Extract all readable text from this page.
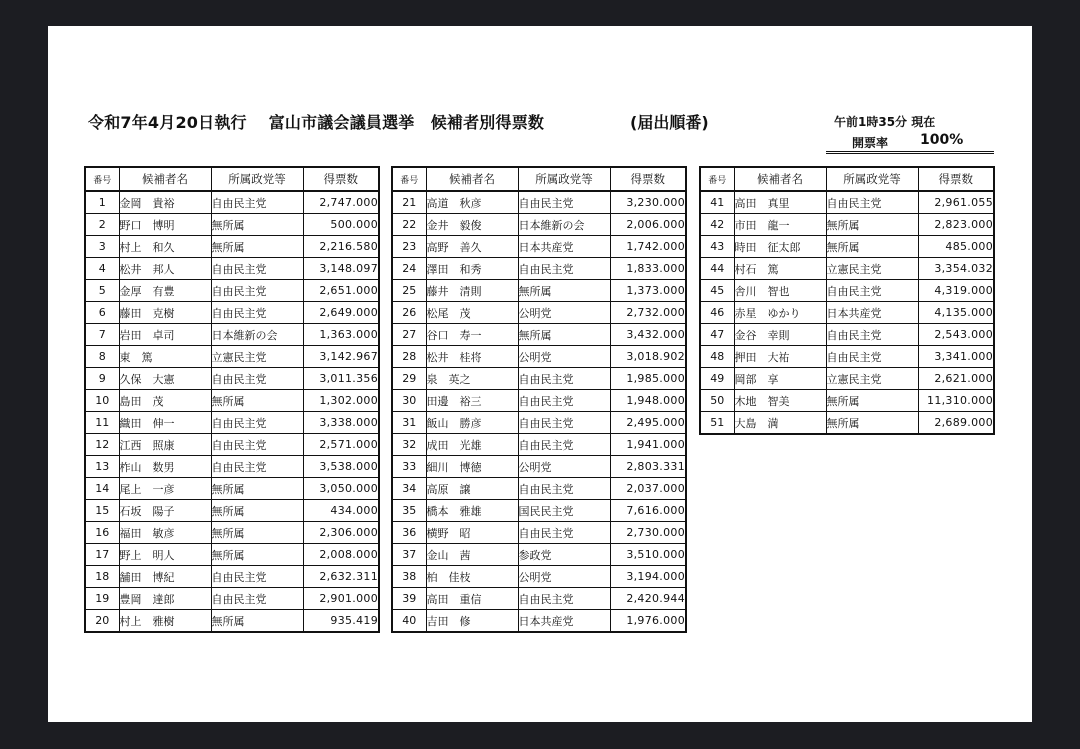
令和7年4月20日執行　 富山市議会議員選挙　候補者別得票数	(届出順番)	午前1時35分 現在
開票率 100%
番号	候補者名	所属政党等	得票数
1	金岡　貴裕	自由民主党	2,747.000
2	野口　博明	無所属	500.000
3	村上　和久	無所属	2,216.580
4	松井　邦人	自由民主党	3,148.097
5	金厚　有豊	自由民主党	2,651.000
6	藤田　克樹	自由民主党	2,649.000
7	岩田　卓司	日本維新の会	1,363.000
8	東　篤	立憲民主党	3,142.967
9	久保　大憲	自由民主党	3,011.356
10	島田　茂	無所属	1,302.000
11	織田　伸一	自由民主党	3,338.000
12	江西　照康	自由民主党	2,571.000
13	柞山　数男	自由民主党	3,538.000
14	尾上　一彦	無所属	3,050.000
15	石坂　陽子	無所属	434.000
16	福田　敏彦	無所属	2,306.000
17	野上　明人	無所属	2,008.000
18	舗田　博紀	自由民主党	2,632.311
19	豊岡　達郎	自由民主党	2,901.000
20	村上　雅樹	無所属	935.419
番号	候補者名	所属政党等	得票数
21	高道　秋彦	自由民主党	3,230.000
22	金井　毅俊	日本維新の会	2,006.000
23	高野　善久	日本共産党	1,742.000
24	澤田　和秀	自由民主党	1,833.000
25	藤井　清則	無所属	1,373.000
26	松尾　茂	公明党	2,732.000
27	谷口　寿一	無所属	3,432.000
28	松井　桂将	公明党	3,018.902
29	泉　英之	自由民主党	1,985.000
30	田邊　裕三	自由民主党	1,948.000
31	飯山　勝彦	自由民主党	2,495.000
32	成田　光雄	自由民主党	1,941.000
33	細川　博徳	公明党	2,803.331
34	高原　譲	自由民主党	2,037.000
35	橋本　雅雄	国民民主党	7,616.000
36	横野　昭	自由民主党	2,730.000
37	金山　茜	参政党	3,510.000
38	柏　佳枝	公明党	3,194.000
39	高田　重信	自由民主党	2,420.944
40	吉田　修	日本共産党	1,976.000
番号	候補者名	所属政党等	得票数
41	高田　真里	自由民主党	2,961.055
42	市田　龍一	無所属	2,823.000
43	時田　征太郎	無所属	485.000
44	村石　篤	立憲民主党	3,354.032
45	舎川　智也	自由民主党	4,319.000
46	赤星　ゆかり	日本共産党	4,135.000
47	金谷　幸則	自由民主党	2,543.000
48	押田　大祐	自由民主党	3,341.000
49	岡部　享	立憲民主党	2,621.000
50	木地　智美	無所属	11,310.000
51	大島　満	無所属	2,689.000
